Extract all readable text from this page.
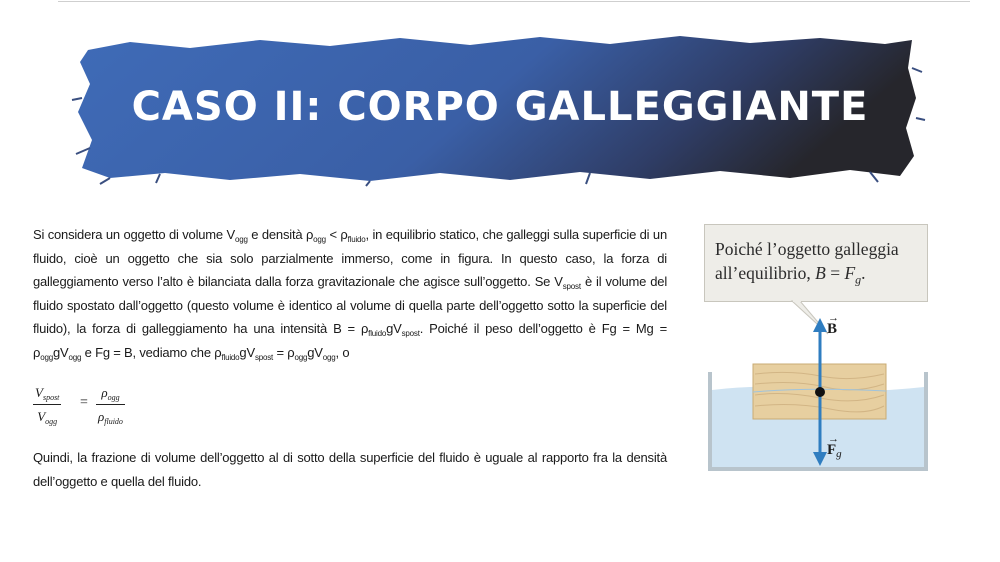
CASO II: CORPO GALLEGGIANTE
Si considera un oggetto di volume $V_{ogg}$ e densità $\rho_{ogg} < \rho_{fluido}$, in equilibrio statico, che galleggi sulla superficie di un fluido, cioè un oggetto che sia solo parzialmente immerso, come in figura. In questo caso, la forza di galleggiamento verso l’alto è bilanciata dalla forza gravitazionale che agisce sull’oggetto. Se $V_{spost}$ è il volume del fluido spostato dall’oggetto (questo volume è identico al volume di quella parte dell’oggetto sotto la superficie del fluido), la forza di galleggiamento ha una intensità $B = \rho_{fluido}gV_{spost}$. Poiché il peso dell’oggetto è $Fg = Mg = \rho_{ogg}gV_{ogg}$ e Fg = B, vediamo che $\rho_{fluido}gV_{spost} = \rho_{ogg}gV_{ogg}$, o
$V_{spost}$
$V_{ogg}$
=
$\rho_{ogg}$
$\rho_{fluido}$
Quindi, la frazione di volume dell’oggetto al di sotto della superficie del fluido è uguale al rapporto fra la densità dell’oggetto e quella del fluido.
Poiché l’oggetto galleggia
all’equilibrio, $B = F_g$.
→
B
→
$F_g$
